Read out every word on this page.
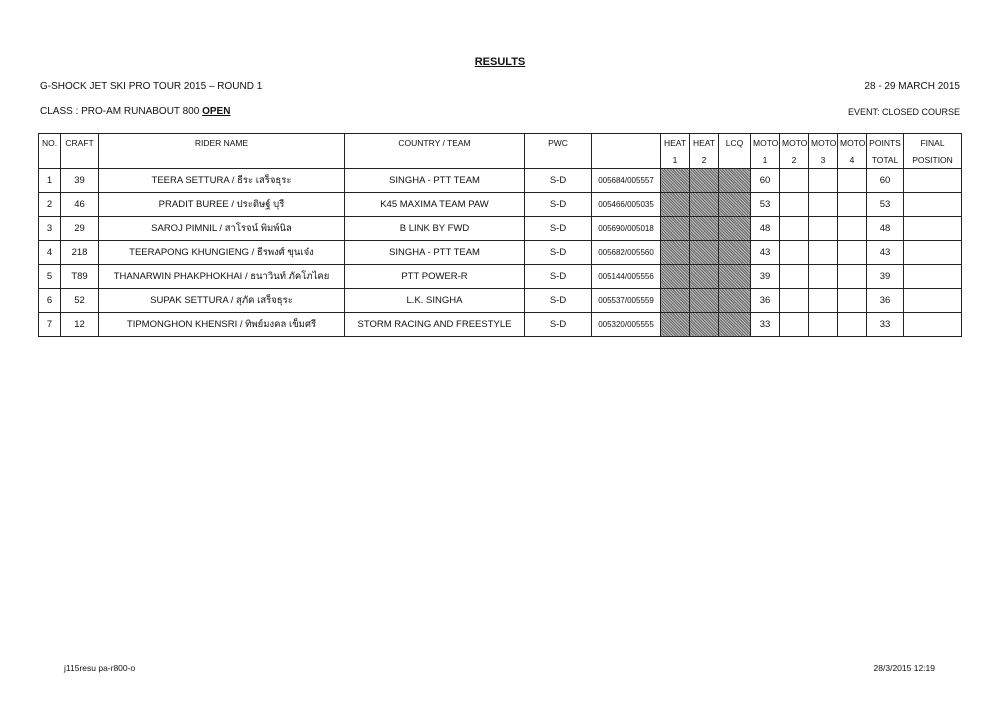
RESULTS
G-SHOCK JET SKI PRO TOUR 2015 – ROUND 1	28 - 29 MARCH 2015
CLASS : PRO-AM RUNABOUT 800 OPEN	EVENT: CLOSED COURSE
NO.	CRAFT	RIDER NAME	COUNTRY / TEAM	PWC		HEAT	HEAT	LCQ	MOTO	MOTO	MOTO	MOTO	POINTS	FINAL
						1	2		1	2	3	4	TOTAL	POSITION
1	39	TEERA SETTURA / ธีระ เสร็จธุระ	SINGHA - PTT TEAM	S-D	005684/005557				60				60	
2	46	PRADIT BUREE / ประดิษฐ์ บุรี	K45 MAXIMA TEAM PAW	S-D	005466/005035				53				53	
3	29	SAROJ PIMNIL / สาโรจน์ พิมพ์นิล	B LINK BY FWD	S-D	005690/005018				48				48	
4	218	TEERAPONG KHUNGIENG / ธีรพงศ์ ขุนเจ๋ง	SINGHA - PTT TEAM	S-D	005682/005560				43				43	
5	T89	THANARWIN PHAKPHOKHAI / ธนาวินท์ ภัคโภไคย	PTT POWER-R	S-D	005144/005556				39				39	
6	52	SUPAK SETTURA / สุภัค เสร็จธุระ	L.K. SINGHA	S-D	005537/005559				36				36	
7	12	TIPMONGHON KHENSRI / ทิพย์มงคล เข็มศรี	STORM RACING AND FREESTYLE	S-D	005320/005555				33				33	
j115resu pa-r800-o	28/3/2015 12:19
